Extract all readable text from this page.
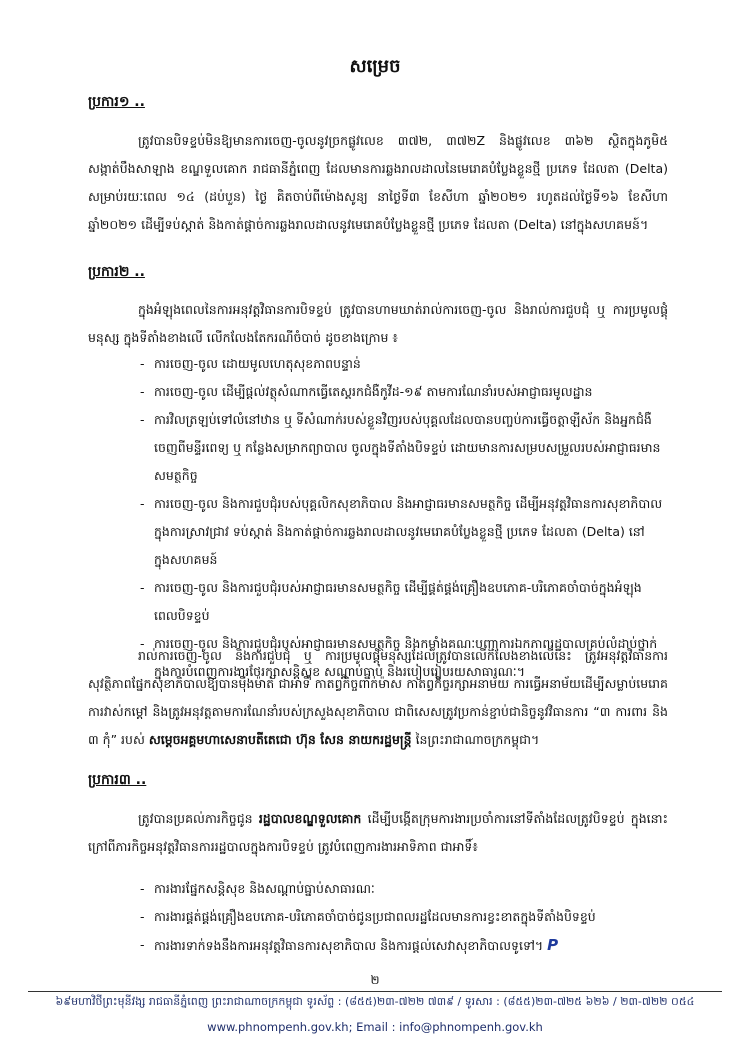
សម្រេច
ប្រការ១ ..

ត្រូវបានបិទខ្ទប់មិនឱ្យមានការចេញ-ចូលនូវច្រកផ្លូវលេខ ៣៧២, ៣៧២Z និងផ្លូវលេខ ៣៦២ ស្ថិតក្នុងភូមិ៥ សង្កាត់បឹងសាឡាង ខណ្ឌទួលគោក រាជធានីភ្នំពេញ ដែលមានការឆ្លងរាលដាលនៃមេរោគបំប្លែងខ្លួនថ្មី ប្រភេទ ដែលតា (Delta) សម្រាប់រយៈពេល ១៤ (ដប់បួន) ថ្ងៃ គិតចាប់ពីម៉ោងសូន្យ នាថ្ងៃទី៣ ខែសីហា ឆ្នាំ២០២១ រហូតដល់ថ្ងៃទី១៦ ខែសីហា ឆ្នាំ២០២១ ដើម្បីទប់ស្កាត់ និងកាត់ផ្តាច់ការឆ្លងរាលដាលនូវមេរោគបំប្លែងខ្លួនថ្មី ប្រភេទ ដែលតា (Delta) នៅក្នុងសហគមន៍។

ប្រការ២ ..

ក្នុងអំឡុងពេលនៃការអនុវត្តវិធានការបិទខ្ទប់ ត្រូវបានហាមឃាត់រាល់ការចេញ-ចូល និងរាល់ការជួបជុំ ឬ ការប្រមូលផ្តុំមនុស្ស ក្នុងទីតាំងខាងលើ លើកលែងតែករណីចំបាច់ ដូចខាងក្រោម ៖

- ការចេញ-ចូល ដោយមូលហេតុសុខភាពបន្ទាន់
- ការចេញ-ចូល ដើម្បីផ្តល់វត្ថុសំណាកធ្វើតេស្តរកជំងឺកូវីដ-១៩ តាមការណែនាំរបស់អាជ្ញាធរមូលដ្ឋាន
- ការវិលត្រឡប់ទៅលំនៅឋាន ឬ ទីសំណាក់របស់ខ្លួនវិញរបស់បុគ្គលដែលបានបញ្ចប់ការធ្វើចត្តាឡីស័ក និងអ្នកជំងឺចេញពីមន្ទីរពេទ្យ ឬ កន្លែងសម្រាកព្យាបាល ចូលក្នុងទីតាំងបិទខ្ទប់ ដោយមានការសម្របសម្រួលរបស់អាជ្ញាធរមានសមត្ថកិច្ច
- ការចេញ-ចូល និងការជួបជុំរបស់បុគ្គលិកសុខាភិបាល និងអាជ្ញាធរមានសមត្ថកិច្ច ដើម្បីអនុវត្តវិធានការសុខាភិបាល ក្នុងការស្រាវជ្រាវ ទប់ស្កាត់ និងកាត់ផ្តាច់ការឆ្លងរាលដាលនូវមេរោគបំប្លែងខ្លួនថ្មី ប្រភេទ ដែលតា (Delta) នៅក្នុងសហគមន៍
- ការចេញ-ចូល និងការជួបជុំរបស់អាជ្ញាធរមានសមត្ថកិច្ច ដើម្បីផ្គត់ផ្គង់គ្រឿងឧបភោគ-បរិភោគចាំបាច់ក្នុងអំឡុងពេលបិទខ្ទប់
- ការចេញ-ចូល និងការជួបជុំរបស់អាជ្ញាធរមានសមត្ថកិច្ច និងកម្លាំងគណៈបញ្ជាការឯកភាពរដ្ឋបាលគ្រប់លំដាប់ថ្នាក់ ក្នុងការបំពេញការងារថែរក្សាសន្តិសុខ សណ្តាប់ធ្នាប់ និងរបៀបរៀបរយសាធារណៈ។

រាល់ការចេញ-ចូល និងការជួបជុំ ឬ ការប្រមូលផ្តុំមនុស្សដែលត្រូវបានលើកលែងខាងលើនេះ ត្រូវអនុវត្តវិធានការសុវត្ថិភាពផ្នែកសុខាភិបាលឱ្យបានម៉ឺងម៉ាត់ ជាអាទិ៍ កាតព្វកិច្ចពាក់ម៉ាស កាតព្វកិច្ចរក្សាអនាម័យ ការធ្វើអនាម័យដើម្បីសម្លាប់មេរោគ ការវាស់កម្តៅ និងត្រូវអនុវត្តតាមការណែនាំរបស់ក្រសួងសុខាភិបាល ជាពិសេសត្រូវប្រកាន់ខ្ជាប់ជានិច្ចនូវវិធានការ “៣ ការពារ និង ៣ កុំ” របស់ សម្តេចអគ្គមហាសេនាបតីតេជោ ហ៊ុន សែន នាយករដ្ឋមន្ត្រី នៃព្រះរាជាណាចក្រកម្ពុជា។

ប្រការ៣ ..

ត្រូវបានប្រគល់ភារកិច្ចជូន រដ្ឋបាលខណ្ឌទួលគោក ដើម្បីបង្កើតក្រុមការងារប្រចាំការនៅទីតាំងដែលត្រូវបិទខ្ទប់ ក្នុងនោះ ក្រៅពីភារកិច្ចអនុវត្តវិធានការរដ្ឋបាលក្នុងការបិទខ្ទប់ ត្រូវបំពេញការងារអាទិភាព ជាអាទិ៍៖

- ការងារផ្នែកសន្តិសុខ និងសណ្តាប់ធ្នាប់សាធារណៈ
- ការងារផ្គត់ផ្គង់គ្រឿងឧបភោគ-បរិភោគចាំបាច់ជូនប្រជាពលរដ្ឋដែលមានការខ្វះខាតក្នុងទីតាំងបិទខ្ទប់
- ការងារទាក់ទងនឹងការអនុវត្តវិធានការសុខាភិបាល និងការផ្តល់សេវាសុខាភិបាលទូទៅ។ P
២
៦៩មហាវិថីព្រះមុនីវង្ស រាជធានីភ្នំពេញ ព្រះរាជាណាចក្រកម្ពុជា ទូរស័ព្ទ : (៨៥៥)២៣-៧២២ ៧៣៩ / ទូរសារ : (៨៥៥)២៣-៧២៥ ៦២៦ / ២៣-៧២២ ០៥៤
www.phnompenh.gov.kh; Email : info@phnompenh.gov.kh
